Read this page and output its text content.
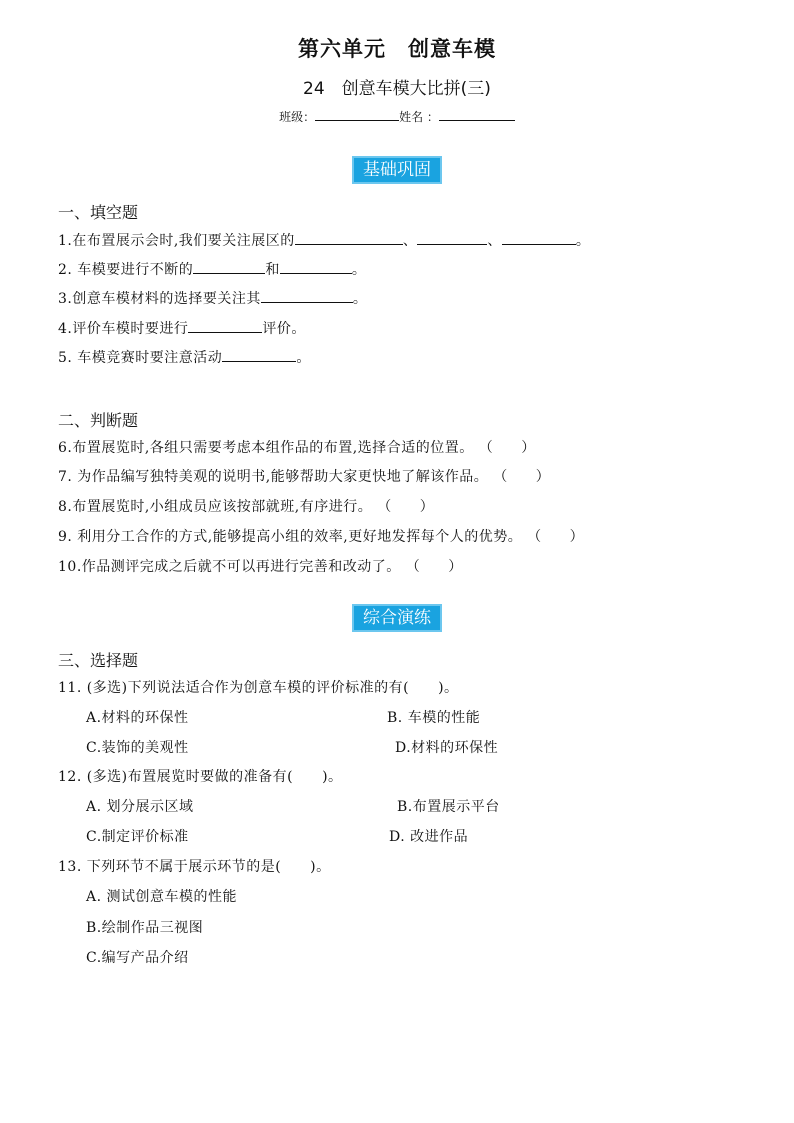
第六单元　创意车模
24　创意车模大比拼(三)
班级：	姓名 ：
基础巩固
一、填空题
1.在布置展示会时,我们要关注展区的	、	、	。
2. 车模要进行不断的	和	。
3.创意车模材料的选择要关注其	。
4.评价车模时要进行	评价。
5. 车模竞赛时要注意活动	。
二、判断题
6.布置展览时,各组只需要考虑本组作品的布置,选择合适的位置。 （ ）
7. 为作品编写独特美观的说明书,能够帮助大家更快地了解该作品。 （ ）
8.布置展览时,小组成员应该按部就班,有序进行。 （ ）
9. 利用分工合作的方式,能够提高小组的效率,更好地发挥每个人的优势。 （ ）
10.作品测评完成之后就不可以再进行完善和改动了。 （ ）
综合演练
三、选择题
11. (多选)下列说法适合作为创意车模的评价标准的有(　　)。
A.材料的环保性	B. 车模的性能
C.装饰的美观性	D.材料的环保性
12. (多选)布置展览时要做的准备有(　　)。
A. 划分展示区域	B.布置展示平台
C.制定评价标准	D. 改进作品
13. 下列环节不属于展示环节的是(　　)。
A. 测试创意车模的性能
B.绘制作品三视图
C.编写产品介绍
